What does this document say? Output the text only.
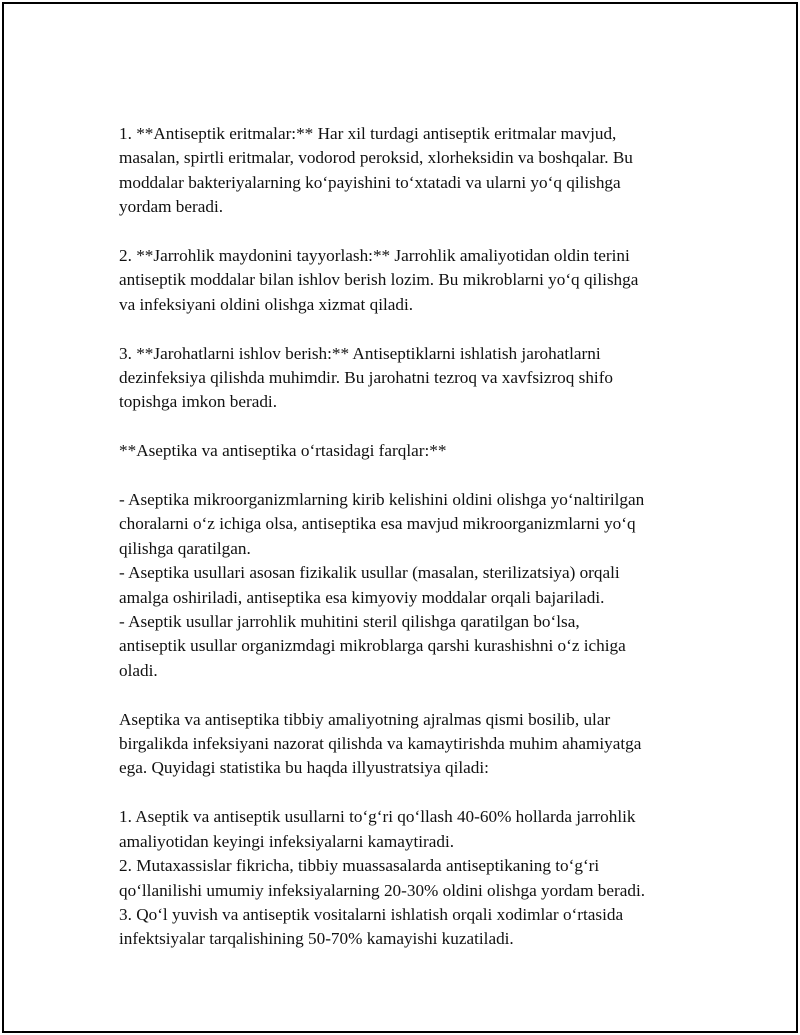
1. **Antiseptik eritmalar:** Har xil turdagi antiseptik eritmalar mavjud,
masalan, spirtli eritmalar, vodorod peroksid, xlorheksidin va boshqalar. Bu
moddalar bakteriyalarning ko‘payishini to‘xtatadi va ularni yo‘q qilishga
yordam beradi.

2. **Jarrohlik maydonini tayyorlash:** Jarrohlik amaliyotidan oldin terini
antiseptik moddalar bilan ishlov berish lozim. Bu mikroblarni yo‘q qilishga
va infeksiyani oldini olishga xizmat qiladi.

3. **Jarohatlarni ishlov berish:** Antiseptiklarni ishlatish jarohatlarni
dezinfeksiya qilishda muhimdir. Bu jarohatni tezroq va xavfsizroq shifo
topishga imkon beradi.

**Aseptika va antiseptika o‘rtasidagi farqlar:**

- Aseptika mikroorganizmlarning kirib kelishini oldini olishga yo‘naltirilgan
choralarni o‘z ichiga olsa, antiseptika esa mavjud mikroorganizmlarni yo‘q
qilishga qaratilgan.
- Aseptika usullari asosan fizikalik usullar (masalan, sterilizatsiya) orqali
amalga oshiriladi, antiseptika esa kimyoviy moddalar orqali bajariladi.
- Aseptik usullar jarrohlik muhitini steril qilishga qaratilgan bo‘lsa,
antiseptik usullar organizmdagi mikroblarga qarshi kurashishni o‘z ichiga
oladi.

Aseptika va antiseptika tibbiy amaliyotning ajralmas qismi bosilib, ular
birgalikda infeksiyani nazorat qilishda va kamaytirishda muhim ahamiyatga
ega. Quyidagi statistika bu haqda illyustratsiya qiladi:

1. Aseptik va antiseptik usullarni to‘g‘ri qo‘llash 40-60% hollarda jarrohlik
amaliyotidan keyingi infeksiyalarni kamaytiradi.
2. Mutaxassislar fikricha, tibbiy muassasalarda antiseptikaning to‘g‘ri
qo‘llanilishi umumiy infeksiyalarning 20-30% oldini olishga yordam beradi.
3. Qo‘l yuvish va antiseptik vositalarni ishlatish orqali xodimlar o‘rtasida
infektsiyalar tarqalishining 50-70% kamayishi kuzatiladi.
